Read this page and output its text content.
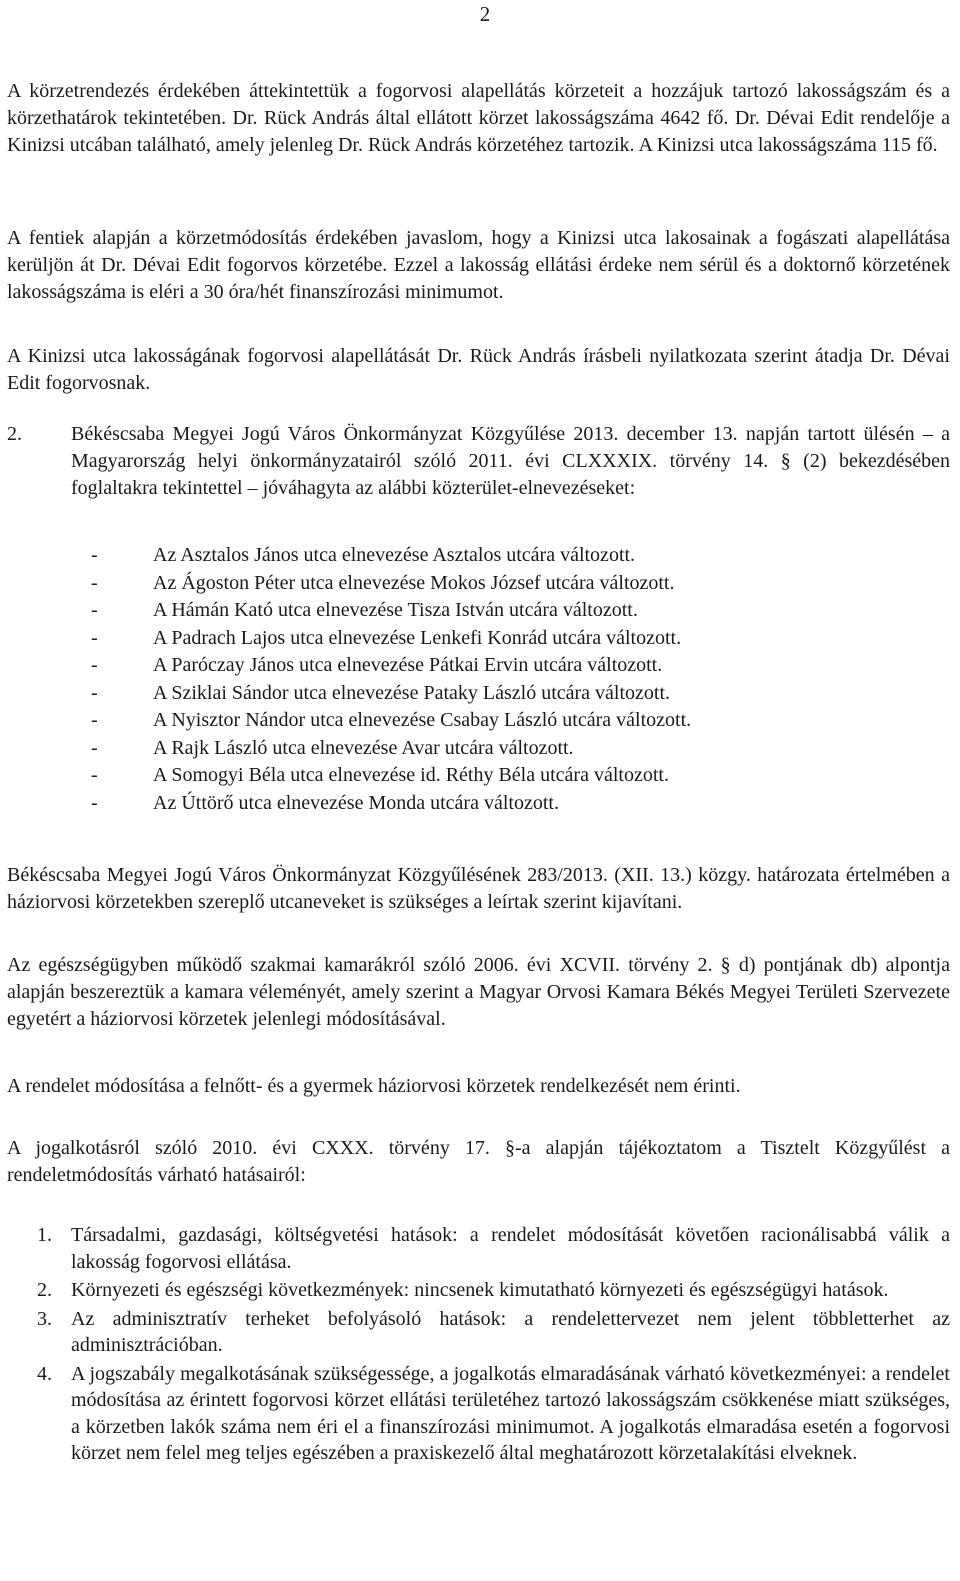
2

A körzetrendezés érdekében áttekintettük a fogorvosi alapellátás körzeteit a hozzájuk tartozó lakosságszám és a körzethatárok tekintetében. Dr. Rück András által ellátott körzet lakosságszáma 4642 fő. Dr. Dévai Edit rendelője a Kinizsi utcában található, amely jelenleg Dr. Rück András körzetéhez tartozik. A Kinizsi utca lakosságszáma 115 fő.

A fentiek alapján a körzetmódosítás érdekében javaslom, hogy a Kinizsi utca lakosainak a fogászati alapellátása kerüljön át Dr. Dévai Edit fogorvos körzetébe. Ezzel a lakosság ellátási érdeke nem sérül és a doktornő körzetének lakosságszáma is eléri a 30 óra/hét finanszírozási minimumot.

A Kinizsi utca lakosságának fogorvosi alapellátását Dr. Rück András írásbeli nyilatkozata szerint átadja Dr. Dévai Edit fogorvosnak.

2. Békéscsaba Megyei Jogú Város Önkormányzat Közgyűlése 2013. december 13. napján tartott ülésén – a Magyarország helyi önkormányzatairól szóló 2011. évi CLXXXIX. törvény 14. § (2) bekezdésében foglaltakra tekintettel – jóváhagyta az alábbi közterület-elnevezéseket:
-	Az Asztalos János utca elnevezése Asztalos utcára változott.
-	Az Ágoston Péter utca elnevezése Mokos József utcára változott.
-	A Hámán Kató utca elnevezése Tisza István utcára változott.
-	A Padrach Lajos utca elnevezése Lenkefi Konrád utcára változott.
-	A Paróczay János utca elnevezése Pátkai Ervin utcára változott.
-	A Sziklai Sándor utca elnevezése Pataky László utcára változott.
-	A Nyisztor Nándor utca elnevezése Csabay László utcára változott.
-	A Rajk László utca elnevezése Avar utcára változott.
-	A Somogyi Béla utca elnevezése id. Réthy Béla utcára változott.
-	Az Úttörő utca elnevezése Monda utcára változott.

Békéscsaba Megyei Jogú Város Önkormányzat Közgyűlésének 283/2013. (XII. 13.) közgy. határozata értelmében a háziorvosi körzetekben szereplő utcaneveket is szükséges a leírtak szerint kijavítani.

Az egészségügyben működő szakmai kamarákról szóló 2006. évi XCVII. törvény 2. § d) pontjának db) alpontja alapján beszereztük a kamara véleményét, amely szerint a Magyar Orvosi Kamara Békés Megyei Területi Szervezete egyetért a háziorvosi körzetek jelenlegi módosításával.

A rendelet módosítása a felnőtt- és a gyermek háziorvosi körzetek rendelkezését nem érinti.

A jogalkotásról szóló 2010. évi CXXX. törvény 17. §-a alapján tájékoztatom a Tisztelt Közgyűlést a rendeletmódosítás várható hatásairól:

1. Társadalmi, gazdasági, költségvetési hatások: a rendelet módosítását követően racionálisabbá válik a lakosság fogorvosi ellátása.
2. Környezeti és egészségi következmények: nincsenek kimutatható környezeti és egészségügyi hatások.
3. Az adminisztratív terheket befolyásoló hatások: a rendelettervezet nem jelent többletterhet az adminisztrációban.
4. A jogszabály megalkotásának szükségessége, a jogalkotás elmaradásának várható következményei: a rendelet módosítása az érintett fogorvosi körzet ellátási területéhez tartozó lakosságszám csökkenése miatt szükséges, a körzetben lakók száma nem éri el a finanszírozási minimumot. A jogalkotás elmaradása esetén a fogorvosi körzet nem felel meg teljes egészében a praxiskezelő által meghatározott körzetalakítási elveknek.
